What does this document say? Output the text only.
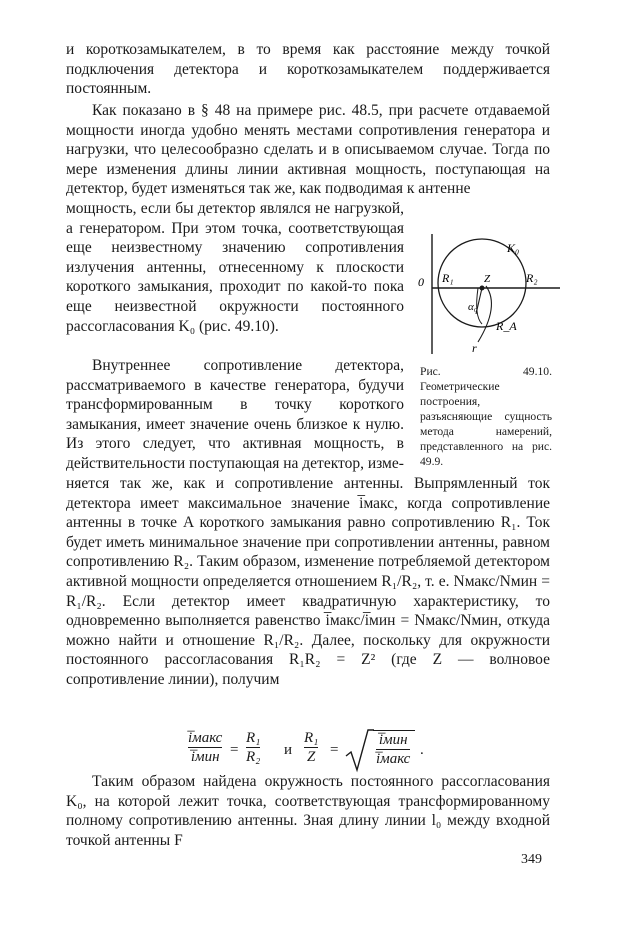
и короткозамыкателем, в то время как расстояние между точкой подключения детектора и короткозамыкателем поддерживается постоянным.

Как показано в § 48 на примере рис. 48.5, при расчете отдаваемой мощности иногда удобно менять местами сопротивления генератора и нагрузки, что целесообразно сделать и в описываемом случае. Тогда по мере изменения длины линии активная мощность, поступающая на детектор, будет изменяться так же, как подводимая к антенне

мощность, если бы детектор являлся не нагрузкой, а генератором. При этом точка, соответствующая еще неизвестному значению сопротивления излучения антенны, отнесенному к плоскости короткого замыкания, проходит по какой-то пока еще неизвестной окружности постоянного рассогласования K₀ (рис. 49.10).

Внутреннее сопротивление детектора, рассматриваемого в качестве генератора, будучи трансформированным в точку короткого замыкания, имеет значение очень близкое к нулю. Из этого следует, что активная мощность, в действительности поступающая на детектор, изме-

няется так же, как и сопротивление антенны. Выпрямленный ток детектора имеет максимальное значение i̅макс, когда сопротивление антенны в точке A короткого замыкания равно сопротивлению R₁. Ток будет иметь минимальное значение при сопротивлении антенны, равном сопротивлению R₂. Таким образом, изменение потребляемой детектором активной мощности определяется отношением R₁/R₂, т. е. Nмакс/Nмин = R₁/R₂. Если детектор имеет квадратичную характеристику, то одновременно выполняется равенство i̅макс/i̅мин = Nмакс/Nмин, откуда можно найти и отношение R₁/R₂. Далее, поскольку для окружности постоянного рассогласования R₁R₂ = Z² (где Z — волновое сопротивление линии), получим

0 R₁	R₂
K₀
Z
α₀
R_A
r

Рис. 49.10. Геометрические построения, разъясняющие сущность метода намерений, представленного на рис. 49.9.

i̅макс
i̅мин =
R₁
R₂ и
R₁
Z =
i̅мин
i̅макс
.

Таким образом найдена окружность постоянного рассогласования K₀, на которой лежит точка, соответствующая трансформированному полному сопротивлению антенны. Зная длину линии l₀ между входной точкой антенны F

349
